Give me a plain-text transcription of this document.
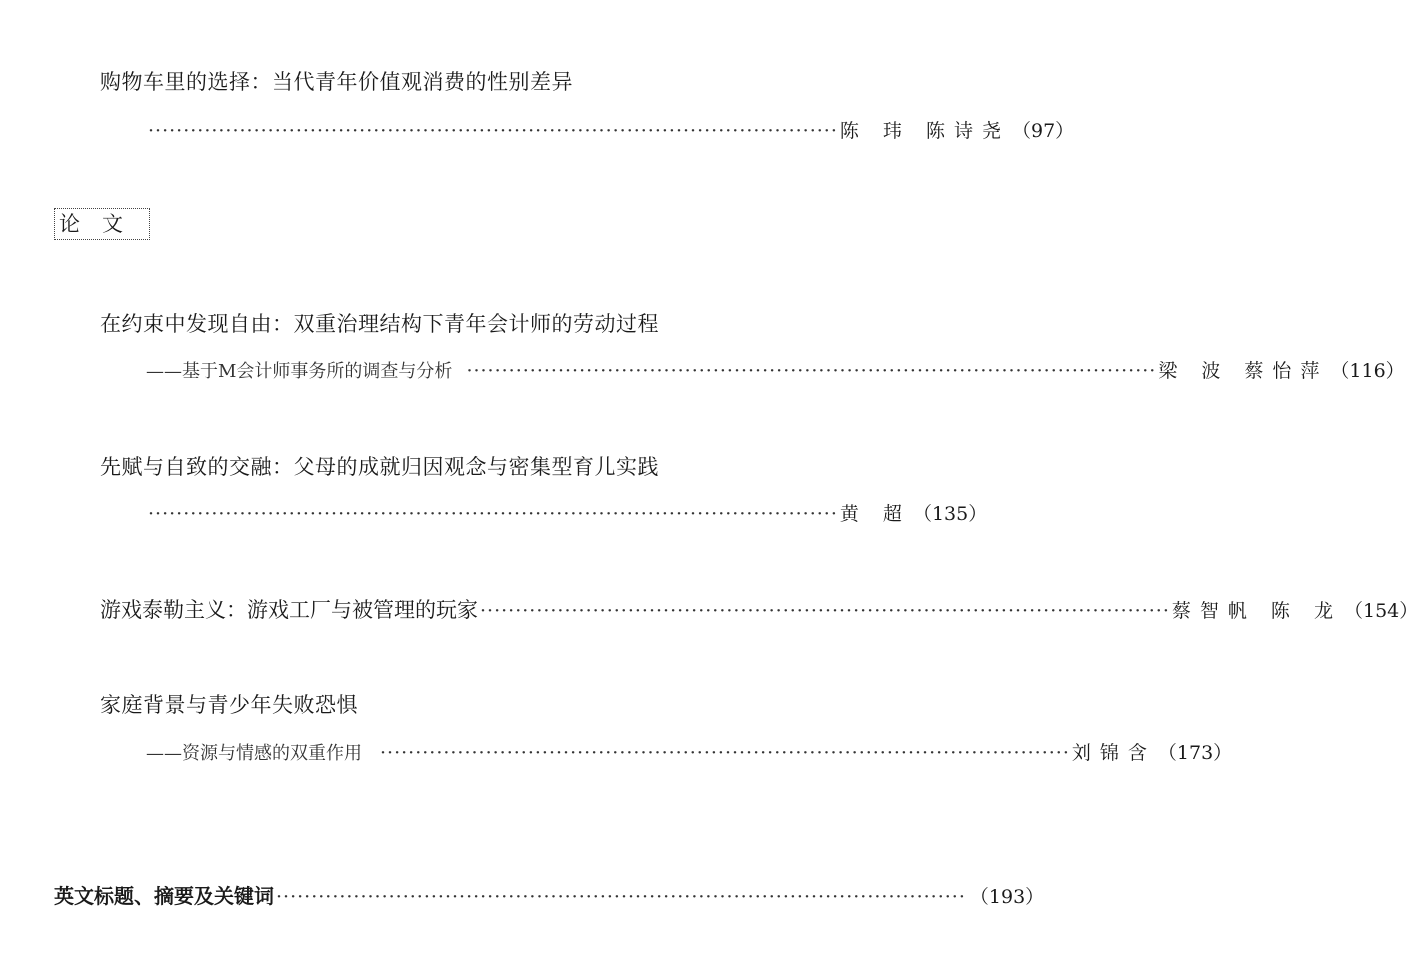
购物车里的选择：当代青年价值观消费的性别差异
·································································································· 陈 玮 陈诗尧 （97）
论文
在约束中发现自由：双重治理结构下青年会计师的劳动过程
——基于M会计师事务所的调查与分析 ·································································································· 梁 波 蔡怡萍 （116）
先赋与自致的交融：父母的成就归因观念与密集型育儿实践
·································································································· 黄 超 （135）
游戏泰勒主义：游戏工厂与被管理的玩家 ·································································································· 蔡智帆 陈 龙 （154）
家庭背景与青少年失败恐惧
——资源与情感的双重作用 ·································································································· 刘锦含 （173）
英文标题、摘要及关键词 ·································································································· （193）
